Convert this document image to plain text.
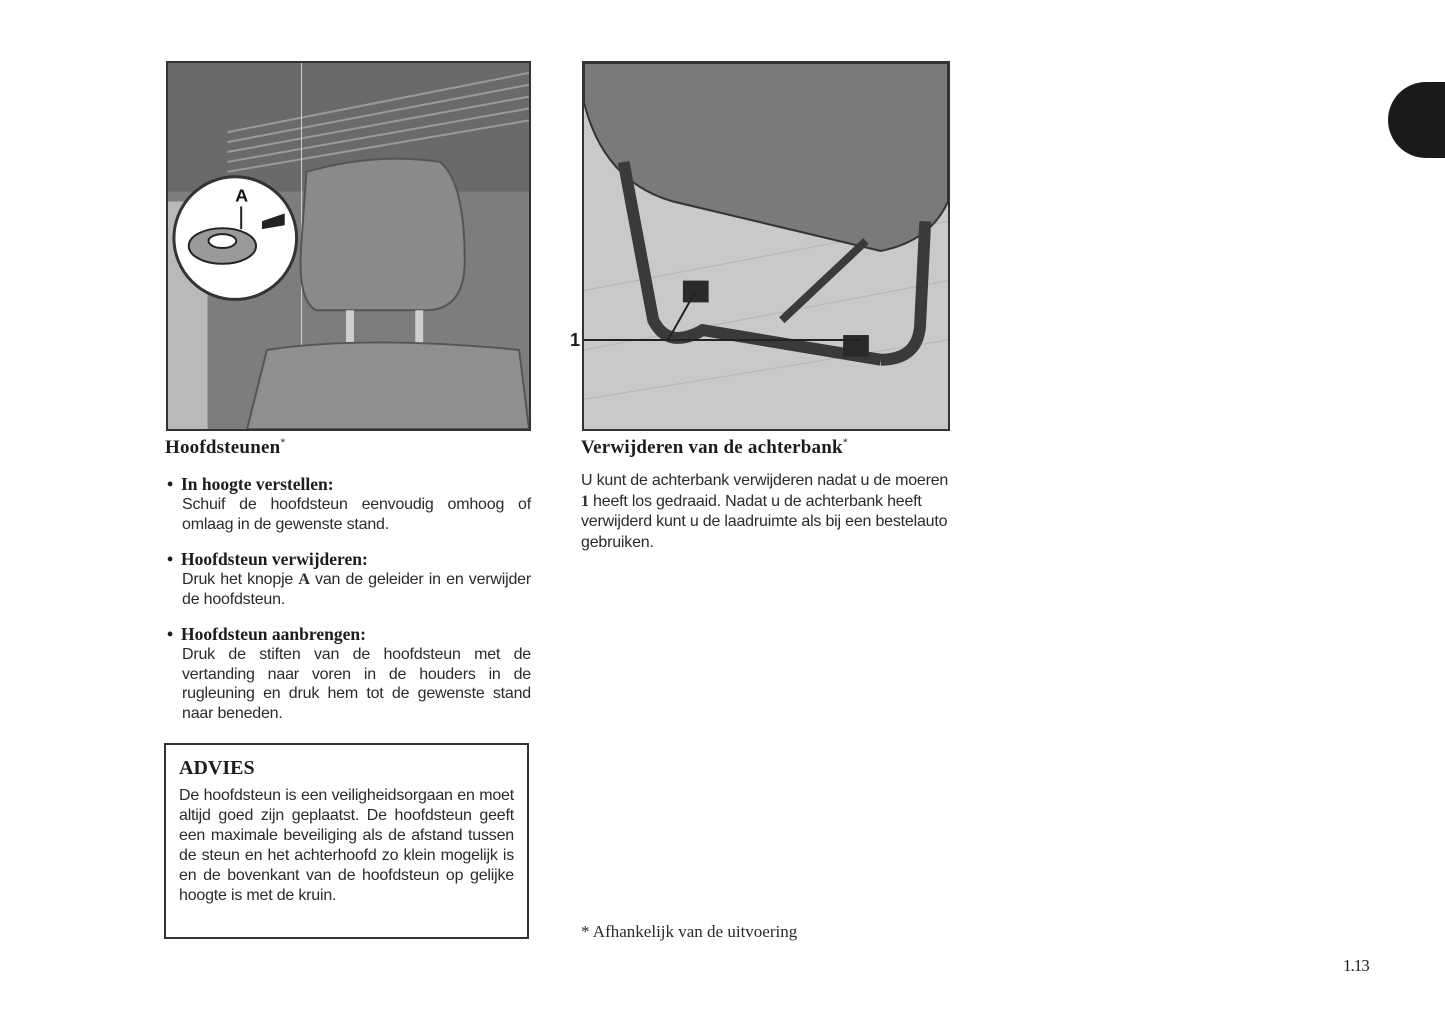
A
1
Hoofdsteunen*
• In hoogte verstellen:
Schuif de hoofdsteun eenvoudig omhoog of omlaag in de gewenste stand.
• Hoofdsteun verwijderen:
Druk het knopje A van de geleider in en verwijder de hoofdsteun.
• Hoofdsteun aanbrengen:
Druk de stiften van de hoofdsteun met de vertanding naar voren in de houders in de rugleuning en druk hem tot de gewenste stand naar beneden.
ADVIES

De hoofdsteun is een veiligheidsorgaan en moet altijd goed zijn geplaatst. De hoofdsteun geeft een maximale beveiliging als de afstand tussen de steun en het achterhoofd zo klein mogelijk is en de bovenkant van de hoofdsteun op gelijke hoogte is met de kruin.

Verwijderen van de achterbank*
U kunt de achterbank verwijderen nadat u de moeren 1 heeft los gedraaid. Nadat u de achterbank heeft verwijderd kunt u de laadruimte als bij een bestelauto gebruiken.
* Afhankelijk van de uitvoering
1.13
